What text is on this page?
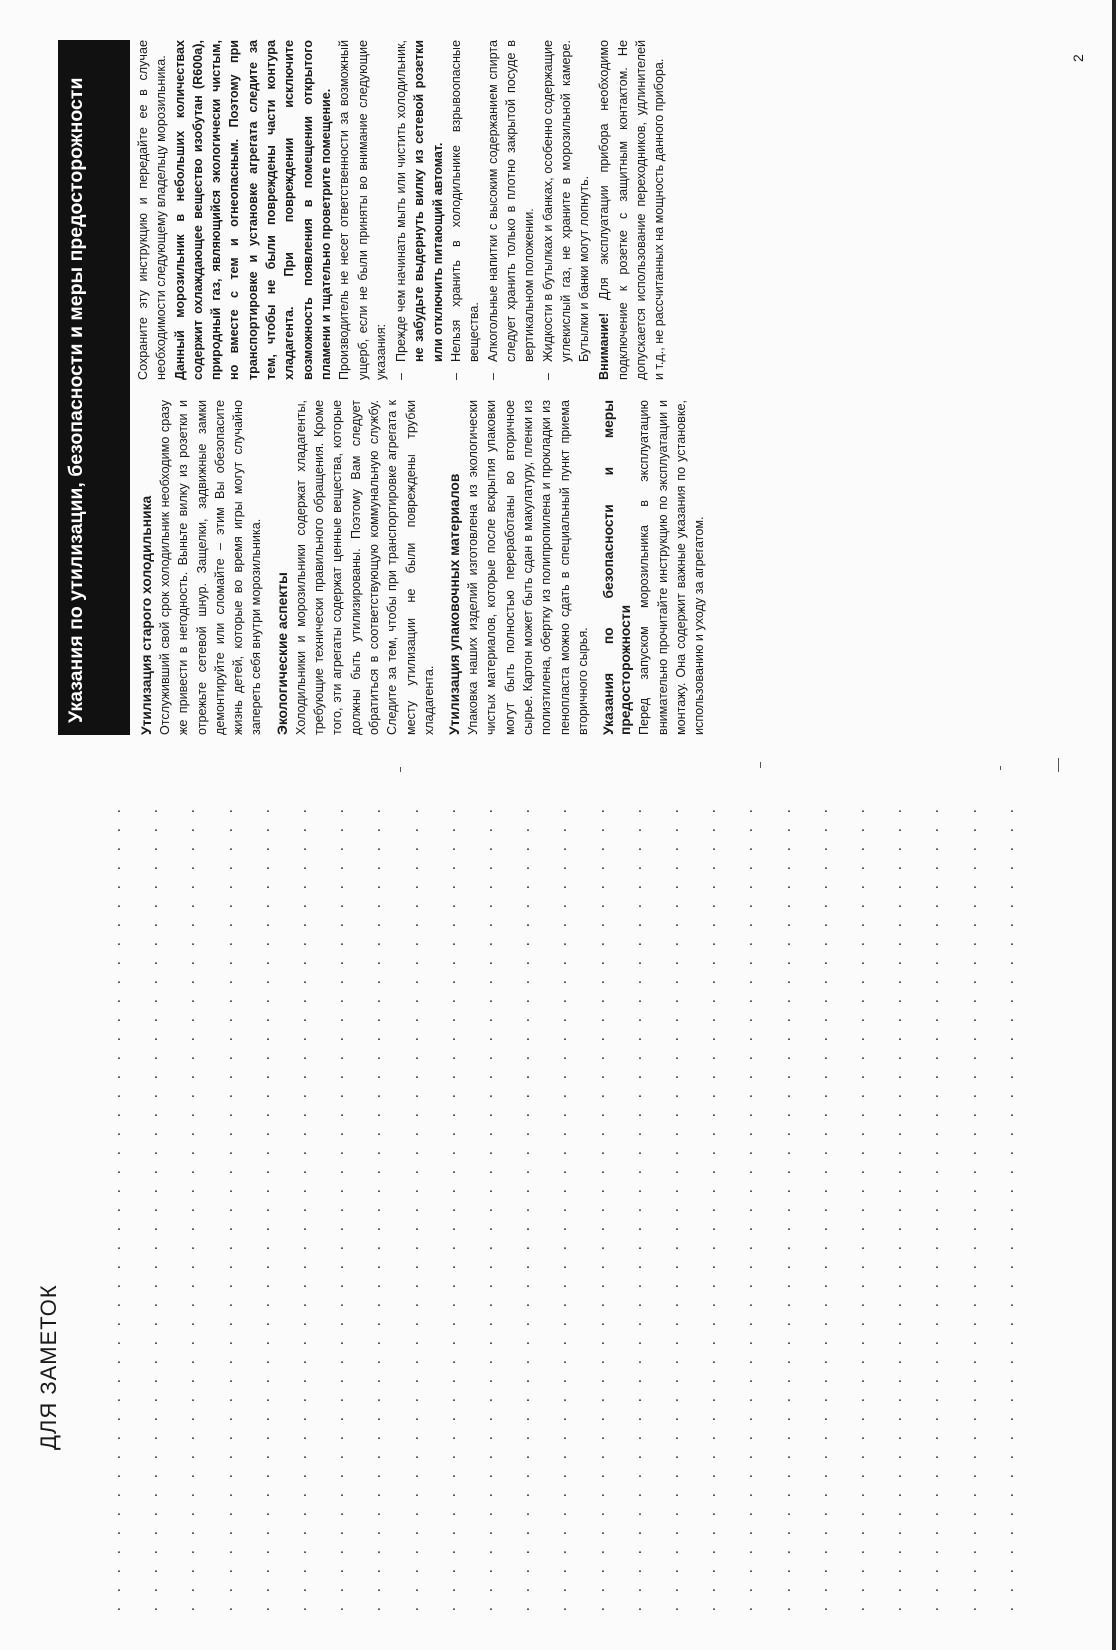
ДЛЯ ЗАМЕТОК
Указания по утилизации, безопасности и меры предосторожности	Утилизация старого холодильника Отслуживший свой срок холодильник необходимо сразу же привести в негодность. Выньте вилку из розетки и отрежьте сетевой шнур. Защелки, задвижные замки демонтируйте или сломайте – этим Вы обезопасите жизнь детей, которые во время игры могут случайно запереть себя внутри морозильника. Экологические аспекты Холодильники и морозильники содержат хладагенты, требующие технически правильного обращения. Кроме того, эти агрегаты содержат ценные вещества, которые должны быть утилизированы. Поэтому Вам следует обратиться в соответствующую коммунальную службу. Следите за тем, чтобы при транспортировке агрегата к месту утилизации не были повреждены трубки хладагента. Утилизация упаковочных материалов Упаковка наших изделий изготовлена из экологически чистых материалов, которые после вскрытия упаковки могут быть полностью переработаны во вторичное сырье. Картон может быть сдан в макулатуру, пленки из полиэтилена, обертку из полипропилена и прокладки из пенопласта можно сдать в специальный пункт приема вторичного сырья. Указания по безопасности и меры предосторожности Перед запуском морозильника в эксплуатацию внимательно прочитайте инструкцию по эксплуатации и монтажу. Она содержит важные указания по установке, использованию и уходу за агрегатом.

Сохраните эту инструкцию и передайте ее в случае необходимости следующему владельцу морозильника. Данный морозильник в небольших количествах содержит охлаждающее вещество изобутан (R600a), природный газ, являющийся экологически чистым, но вместе с тем и огнеопасным. Поэтому при транспортировке и установке агрегата следите за тем, чтобы не были повреждены части контура хладагента. При повреждении исключите возможность появления в помещении открытого пламени и тщательно проветрите помещение. Производитель не несет ответственности за возможный ущерб, если не были приняты во внимание следующие указания: – Прежде чем начинать мыть или чистить холодильник, не забудьте выдернуть вилку из сетевой розетки или отключить питающий автомат. – Нельзя хранить в холодильнике взрывоопасные вещества. – Алкогольные напитки с высоким содержанием спирта следует хранить только в плотно закрытой посуде в вертикальном положении. – Жидкости в бутылках и банках, особенно содержащие углекислый газ, не храните в морозильной камере. Бутылки и банки могут лопнуть. Внимание! Для эксплуатации прибора необходимо подключение к розетке с защитным контактом. Не допускается использование переходников, удлинителей и т.д., не рассчитанных на мощность данного прибора.

2
